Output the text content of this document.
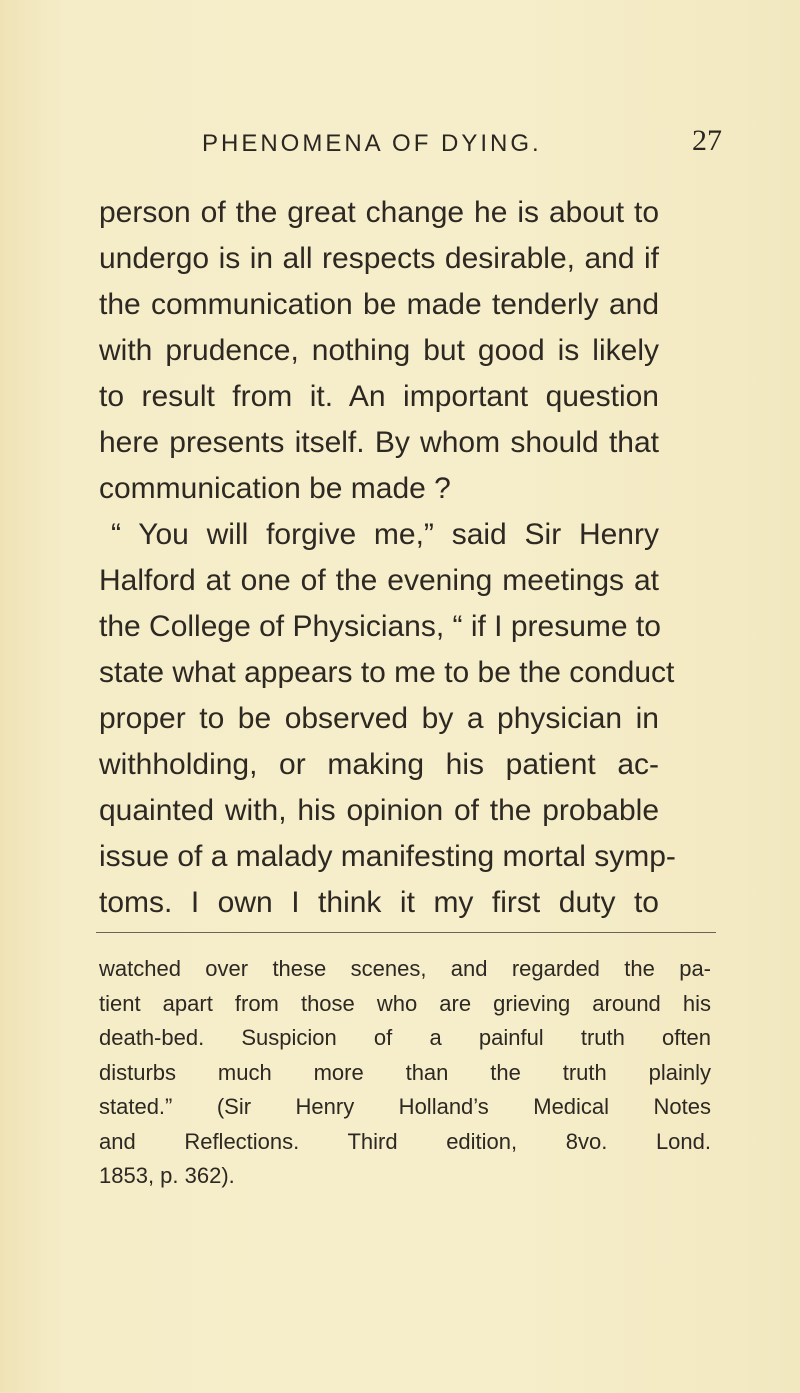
PHENOMENA OF DYING.	27
person of the great change he is about to
undergo is in all respects desirable, and if
the communication be made tenderly and
with prudence, nothing but good is likely
to result from it. An important question
here presents itself. By whom should that
communication be made ?
“ You will forgive me,” said Sir Henry
Halford at one of the evening meetings at
the College of Physicians, “ if I presume to
state what appears to me to be the conduct
proper to be observed by a physician in
withholding, or making his patient ac-
quainted with, his opinion of the probable
issue of a malady manifesting mortal symp-
toms. I own I think it my first duty to
watched over these scenes, and regarded the pa-
tient apart from those who are grieving around his
death-bed. Suspicion of a painful truth often
disturbs much more than the truth plainly
stated.” (Sir Henry Holland’s Medical Notes
and Reflections. Third edition, 8vo. Lond.
1853, p. 362).
